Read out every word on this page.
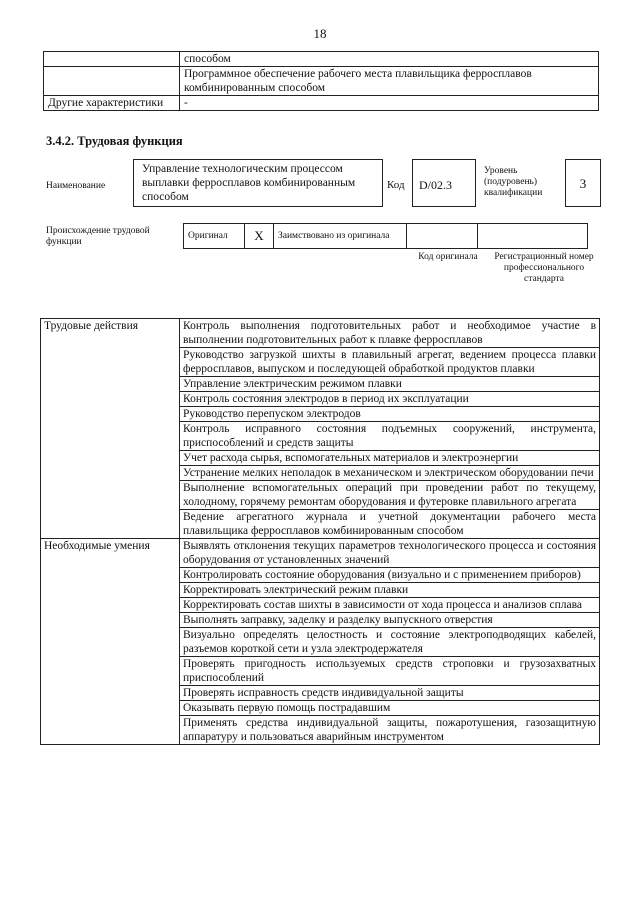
18
	способом
	Программное обеспечение рабочего места плавильщика ферросплавов комбинированным способом
Другие характеристики	-
3.4.2. Трудовая функция
Наименование
Управление технологическим процессом выплавки ферросплавов комбинированным способом
Код	D/02.3
Уровень (подуровень) квалификации
3
Происхождение трудовой функции
Оригинал	X	Заимствовано из оригинала		
Код оригинала	Регистрационный номер профессионального стандарта
Трудовые действия	Контроль выполнения подготовительных работ и необходимое участие в выполнении подготовительных работ к плавке ферросплавов
	Руководство загрузкой шихты в плавильный агрегат, ведением процесса плавки ферросплавов, выпуском и последующей обработкой продуктов плавки
	Управление электрическим режимом плавки
	Контроль состояния электродов в период их эксплуатации
	Руководство перепуском электродов
	Контроль исправного состояния подъемных сооружений, инструмента, приспособлений и средств защиты
	Учет расхода сырья, вспомогательных материалов и электроэнергии
	Устранение мелких неполадок в механическом и электрическом оборудовании печи
	Выполнение вспомогательных операций при проведении работ по текущему, холодному, горячему ремонтам оборудования и футеровке плавильного агрегата
	Ведение агрегатного журнала и учетной документации рабочего места плавильщика ферросплавов комбинированным способом
Необходимые умения	Выявлять отклонения текущих параметров технологического процесса и состояния оборудования от установленных значений
	Контролировать состояние оборудования (визуально и с применением приборов)
	Корректировать электрический режим плавки
	Корректировать состав шихты в зависимости от хода процесса и анализов сплава
	Выполнять заправку, заделку и разделку выпускного отверстия
	Визуально определять целостность и состояние электроподводящих кабелей, разъемов короткой сети и узла электродержателя
	Проверять пригодность используемых средств строповки и грузозахватных приспособлений
	Проверять исправность средств индивидуальной защиты
	Оказывать первую помощь пострадавшим
	Применять средства индивидуальной защиты, пожаротушения, газозащитную аппаратуру и пользоваться аварийным инструментом
